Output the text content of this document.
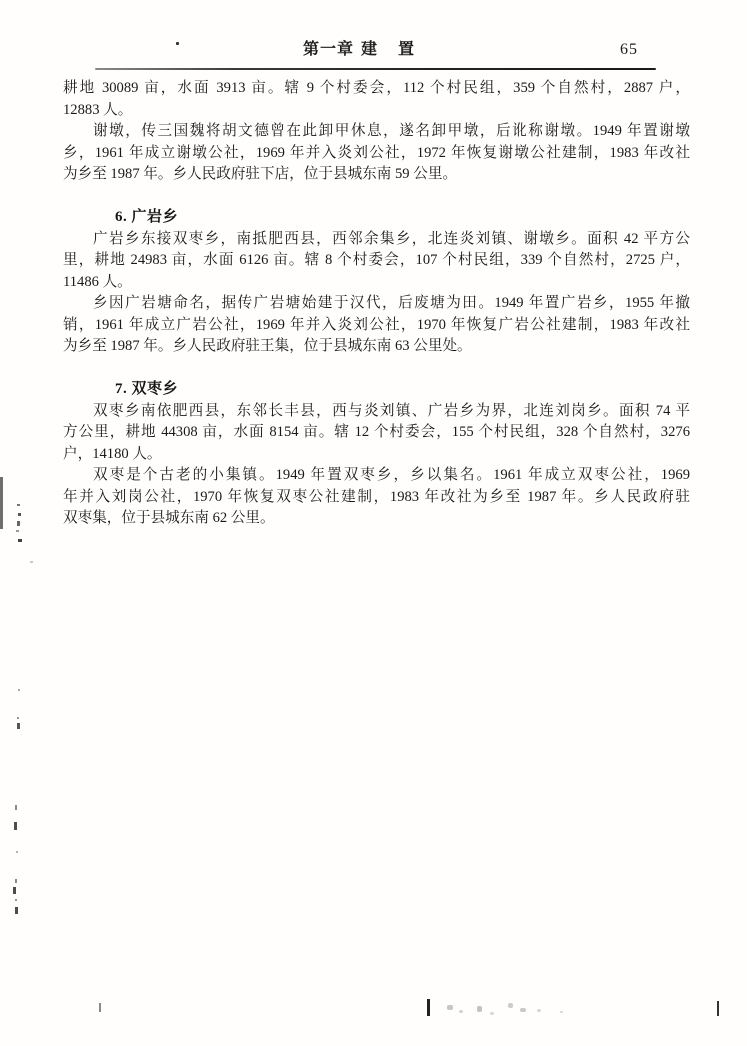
第一章 建　置	65
耕地 30089 亩，水面 3913 亩。辖 9 个村委会，112 个村民组，359 个自然村，2887 户，
12883 人。
谢墩，传三国魏将胡文德曾在此卸甲休息，遂名卸甲墩，后讹称谢墩。1949 年置谢墩
乡，1961 年成立谢墩公社，1969 年并入炎刘公社，1972 年恢复谢墩公社建制，1983 年改社
为乡至 1987 年。乡人民政府驻下店，位于县城东南 59 公里。
6. 广岩乡
广岩乡东接双枣乡，南抵肥西县，西邻余集乡，北连炎刘镇、谢墩乡。面积 42 平方公
里，耕地 24983 亩，水面 6126 亩。辖 8 个村委会，107 个村民组，339 个自然村，2725 户，
11486 人。
乡因广岩塘命名，据传广岩塘始建于汉代，后废塘为田。1949 年置广岩乡，1955 年撤
销，1961 年成立广岩公社，1969 年并入炎刘公社，1970 年恢复广岩公社建制，1983 年改社
为乡至 1987 年。乡人民政府驻王集，位于县城东南 63 公里处。
7. 双枣乡
双枣乡南依肥西县，东邻长丰县，西与炎刘镇、广岩乡为界，北连刘岗乡。面积 74 平
方公里，耕地 44308 亩，水面 8154 亩。辖 12 个村委会，155 个村民组，328 个自然村，3276
户，14180 人。
双枣是个古老的小集镇。1949 年置双枣乡，乡以集名。1961 年成立双枣公社，1969
年并入刘岗公社，1970 年恢复双枣公社建制，1983 年改社为乡至 1987 年。乡人民政府驻
双枣集，位于县城东南 62 公里。
